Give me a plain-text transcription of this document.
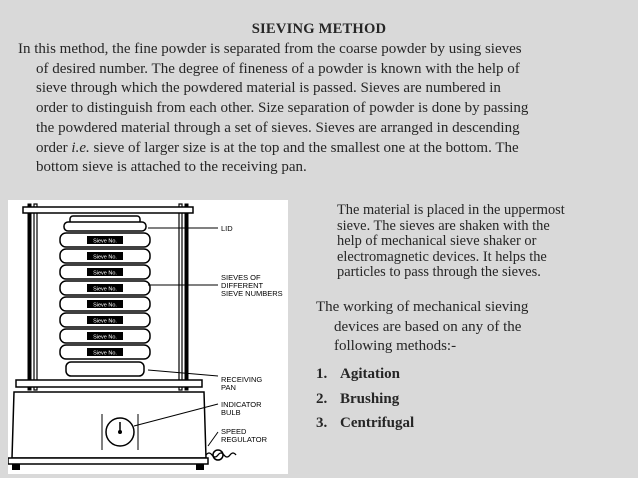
SIEVING METHOD

In this method, the fine powder is separated from the coarse powder by using sieves

of desired number. The degree of fineness of a powder is known with the help of

sieve through which the powdered material is passed. Sieves are numbered in

order to distinguish from each other. Size separation of powder is done by passing

the powdered material through a set of sieves. Sieves are arranged in descending

order i.e. sieve of larger size is at the top and the smallest one at the bottom. The

bottom sieve is attached to the receiving pan.

Sieve No.
Sieve No.
Sieve No.
Sieve No.
Sieve No.
Sieve No.
Sieve No.
Sieve No.
LID
SIEVES OF
DIFFERENT
SIEVE NUMBERS
RECEIVING
PAN
INDICATOR
BULB
SPEED
REGULATOR
The material is placed in the uppermost
sieve. The sieves are shaken with the
help of mechanical sieve shaker or
electromagnetic devices. It helps the
particles to pass through the sieves.
The working of mechanical sieving
devices are based on any of the
following methods:-
1. Agitation
2. Brushing
3. Centrifugal
